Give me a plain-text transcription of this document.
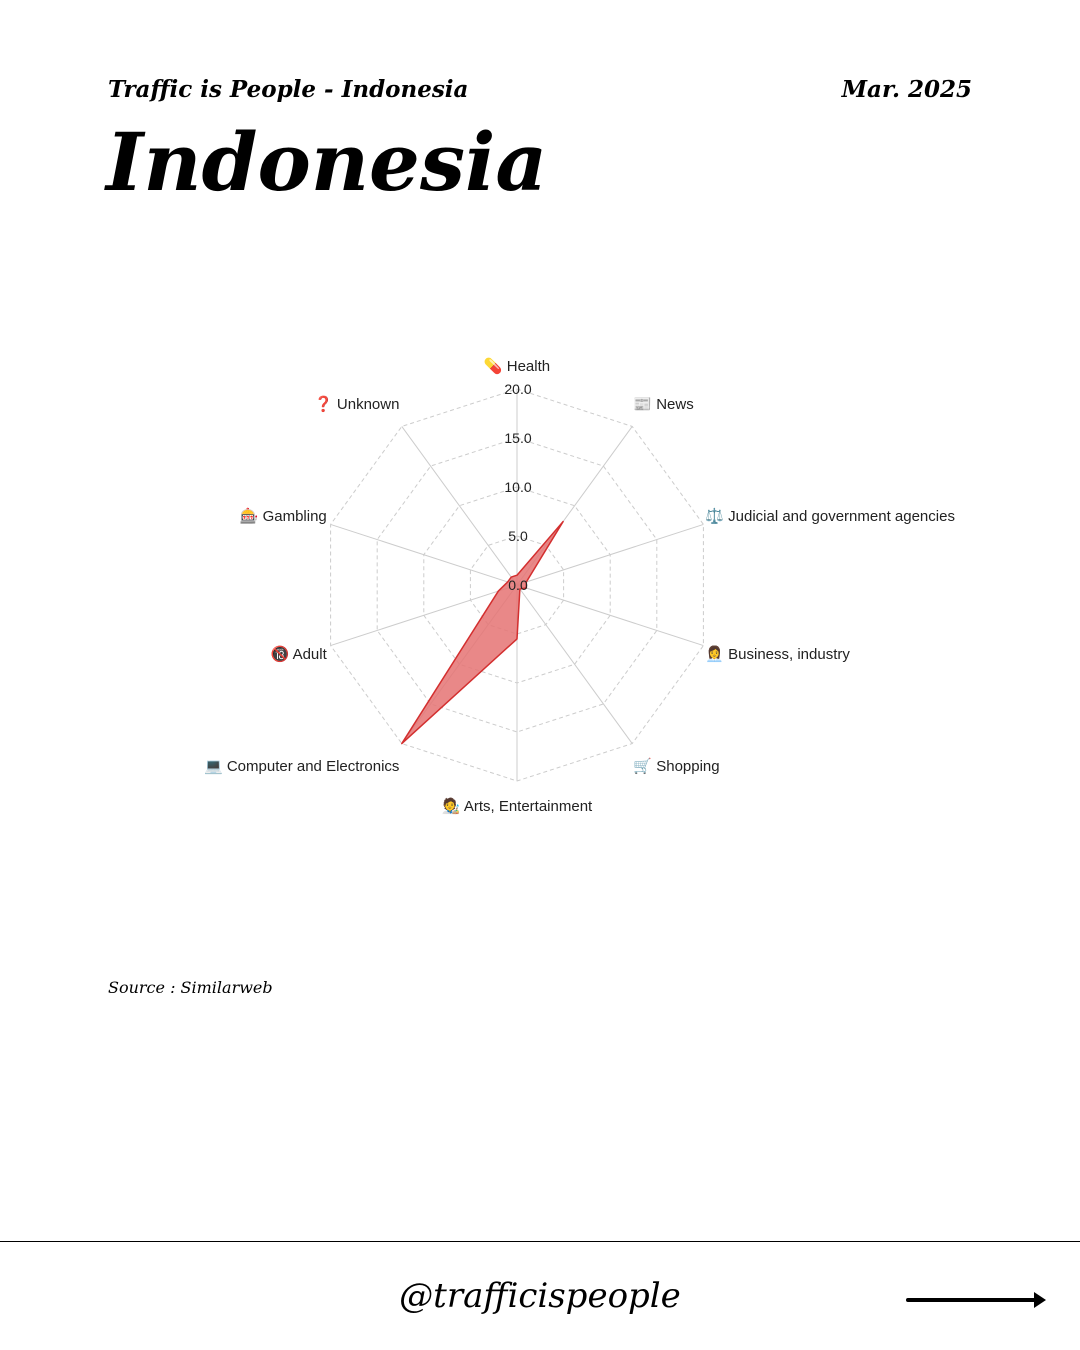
Traffic is People - Indonesia	Mar. 2025
Indonesia
0.0
5.0
10.0
15.0
20.0
💊 Health
📰 News
⚖️ Judicial and government agencies
👩‍💼 Business, industry
🛒 Shopping
🧑‍🎨 Arts, Entertainment
💻 Computer and Electronics
🔞 Adult
🎰 Gambling
❓ Unknown
Source : Similarweb
@trafficispeople
